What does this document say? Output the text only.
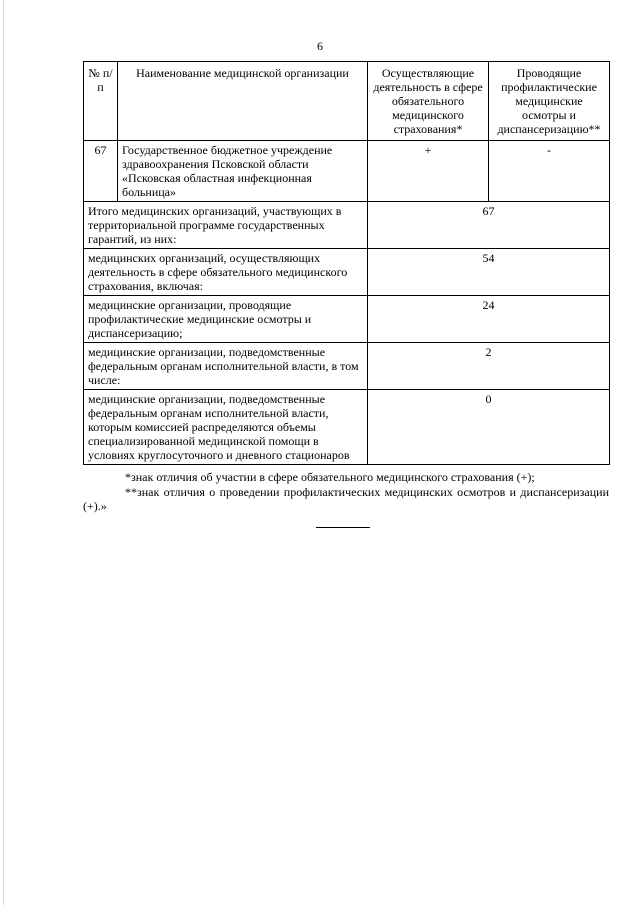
6
№ п/п	Наименование медицинской организации	Осуществляющие деятельность в сфере обязательного медицинского страхования*	Проводящие профилактические медицинские осмотры и диспансеризацию**
67	Государственное бюджетное учреждение здравоохранения Псковской области «Псковская областная инфекционная больница»	+	-
Итого медицинских организаций, участвующих в территориальной программе государственных гарантий, из них:		67	
медицинских организаций, осуществляющих деятельность в сфере обязательного медицинского страхования, включая:		54	
медицинские организации, проводящие профилактические медицинские осмотры и диспансеризацию;		24	
медицинские организации, подведомственные федеральным органам исполнительной власти, в том числе:		2	
медицинские организации, подведомственные федеральным органам исполнительной власти, которым комиссией распределяются объемы специализированной медицинской помощи в условиях круглосуточного и дневного стационаров		0	
*знак отличия об участии в сфере обязательного медицинского страхования (+);
**знак отличия о проведении профилактических медицинских осмотров и диспансеризации (+).»
